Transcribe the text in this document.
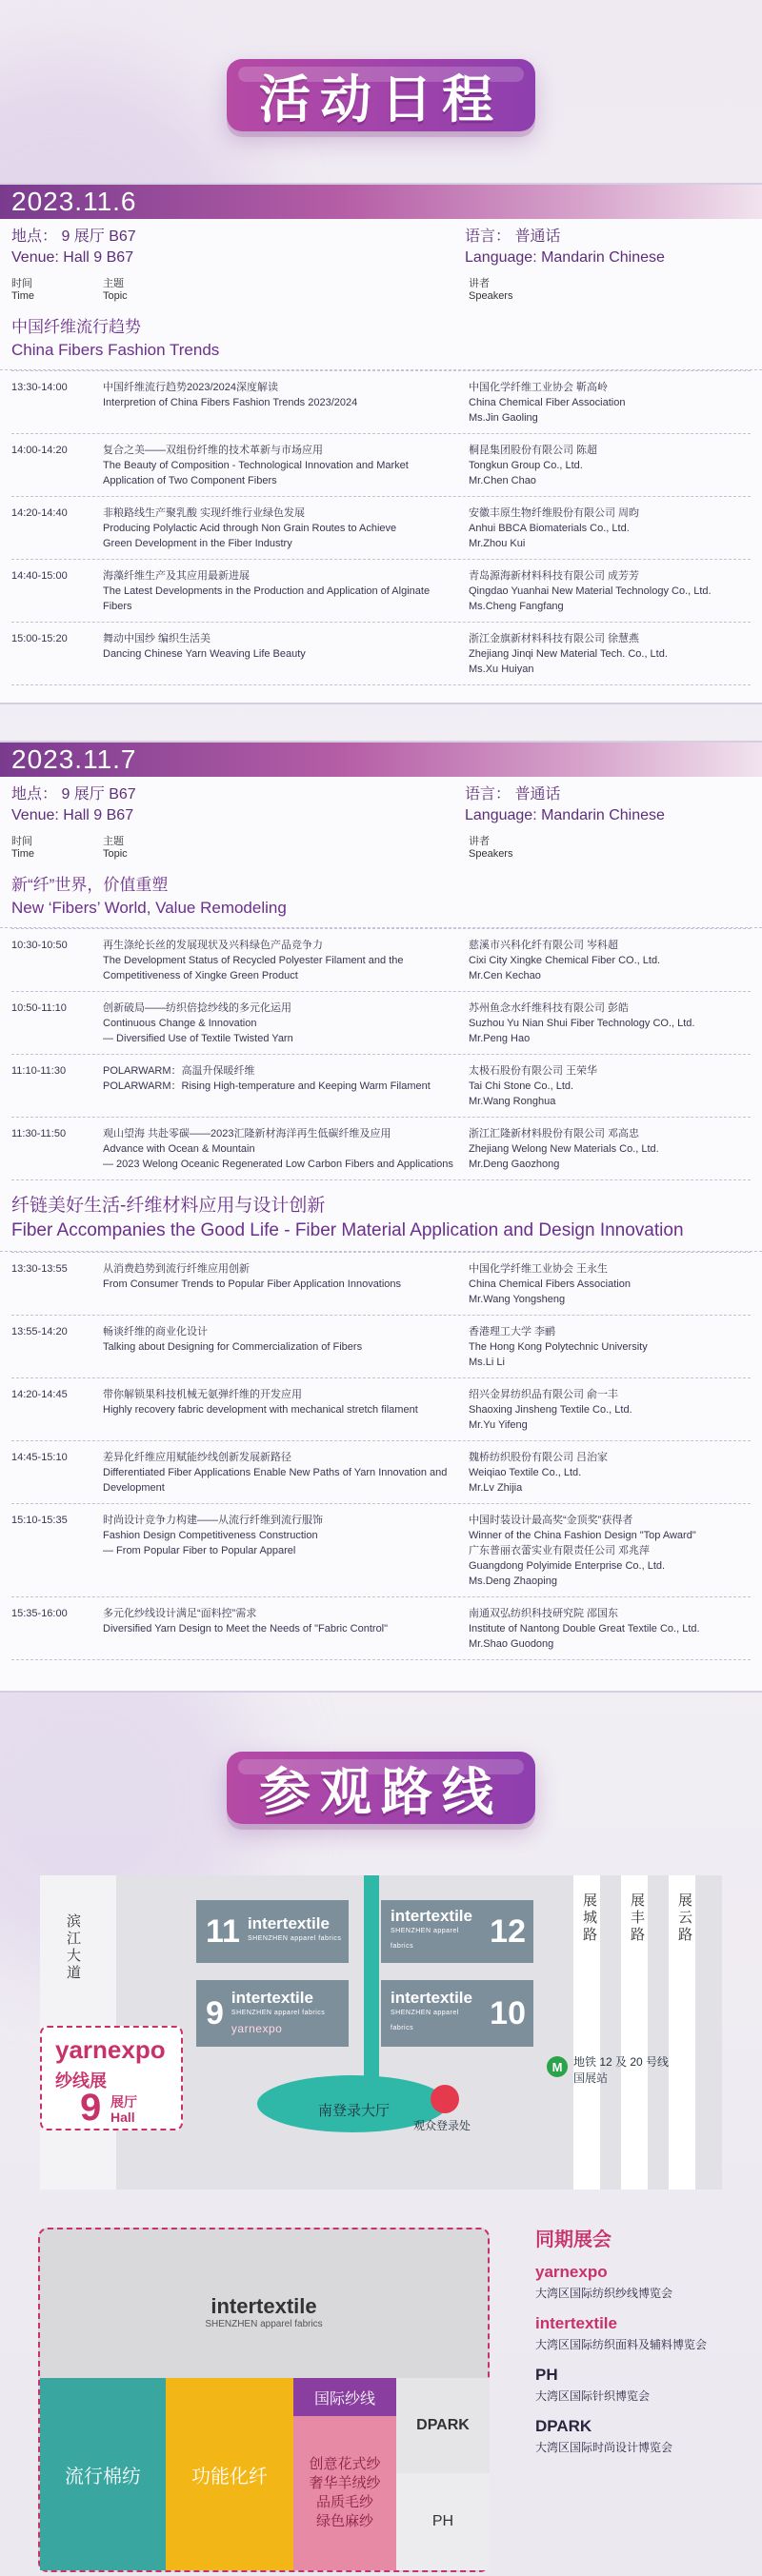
活动日程
2023.11.6
地点： 9 展厅 B67
Venue: Hall 9 B67
语言： 普通话
Language: Mandarin Chinese
时间
Time
主题
Topic
讲者
Speakers
中国纤维流行趋势
China Fibers Fashion Trends
13:30-14:00	中国纤维流行趋势2023/2024深度解读
Interpretion of China Fibers Fashion Trends 2023/2024
中国化学纤维工业协会 靳高岭
China Chemical Fiber Association
Ms.Jin Gaoling
14:00-14:20	复合之美——双组份纤维的技术革新与市场应用
The Beauty of Composition - Technological Innovation and Market
Application of Two Component Fibers
桐昆集团股份有限公司 陈超
Tongkun Group Co., Ltd.
Mr.Chen Chao
14:20-14:40	非粮路线生产聚乳酸 实现纤维行业绿色发展
Producing Polylactic Acid through Non Grain Routes to Achieve
Green Development in the Fiber Industry
安徽丰原生物纤维股份有限公司 周昀
Anhui BBCA Biomaterials Co., Ltd.
Mr.Zhou Kui
14:40-15:00	海藻纤维生产及其应用最新进展
The Latest Developments in the Production and Application of Alginate
Fibers
青岛源海新材料科技有限公司 成芳芳
Qingdao Yuanhai New Material Technology Co., Ltd.
Ms.Cheng Fangfang
15:00-15:20	舞动中国纱 编织生活美
Dancing Chinese Yarn Weaving Life Beauty
浙江金旗新材料科技有限公司 徐慧燕
Zhejiang Jinqi New Material Tech. Co., Ltd.
Ms.Xu Huiyan
2023.11.7
地点： 9 展厅 B67
Venue: Hall 9 B67
语言： 普通话
Language: Mandarin Chinese
时间
Time
主题
Topic
讲者
Speakers
新“纤”世界，价值重塑
New ‘Fibers’ World, Value Remodeling
10:30-10:50	再生涤纶长丝的发展现状及兴科绿色产品竞争力
The Development Status of Recycled Polyester Filament and the
Competitiveness of Xingke Green Product
慈溪市兴科化纤有限公司 岑科超
Cixi City Xingke Chemical Fiber CO., Ltd.
Mr.Cen Kechao
10:50-11:10	创新破局——纺织倍捻纱线的多元化运用
Continuous Change & Innovation
— Diversified Use of Textile Twisted Yarn
苏州鱼念水纤维科技有限公司 彭皓
Suzhou Yu Nian Shui Fiber Technology CO., Ltd.
Mr.Peng Hao
11:10-11:30	POLARWARM：高温升保暖纤维
POLARWARM：Rising High-temperature and Keeping Warm Filament
太极石股份有限公司 王荣华
Tai Chi Stone Co., Ltd.
Mr.Wang Ronghua
11:30-11:50	观山望海 共赴零碳——2023汇隆新材海洋再生低碳纤维及应用
Advance with Ocean & Mountain
— 2023 Welong Oceanic Regenerated Low Carbon Fibers and Applications
浙江汇隆新材料股份有限公司 邓高忠
Zhejiang Welong New Materials Co., Ltd.
Mr.Deng Gaozhong
纤链美好生活-纤维材料应用与设计创新
Fiber Accompanies the Good Life - Fiber Material Application and Design Innovation
13:30-13:55	从消费趋势到流行纤维应用创新
From Consumer Trends to Popular Fiber Application Innovations
中国化学纤维工业协会 王永生
China Chemical Fibers Association
Mr.Wang Yongsheng
13:55-14:20	畅谈纤维的商业化设计
Talking about Designing for Commercialization of Fibers
香港理工大学 李鹂
The Hong Kong Polytechnic University
Ms.Li Li
14:20-14:45	带你解锁果科技机械无氨弹纤维的开发应用
Highly recovery fabric development with mechanical stretch filament
绍兴金昇纺织品有限公司 俞一丰
Shaoxing Jinsheng Textile Co., Ltd.
Mr.Yu Yifeng
14:45-15:10	差异化纤维应用赋能纱线创新发展新路径
Differentiated Fiber Applications Enable New Paths of Yarn Innovation and
Development
魏桥纺织股份有限公司 吕治家
Weiqiao Textile Co., Ltd.
Mr.Lv Zhijia
15:10-15:35	时尚设计竞争力构建——从流行纤维到流行服饰
Fashion Design Competitiveness Construction
— From Popular Fiber to Popular Apparel
中国时装设计最高奖“金顶奖”获得者
Winner of the China Fashion Design "Top Award"
广东普丽衣蕾实业有限责任公司 邓兆萍
Guangdong Polyimide Enterprise Co., Ltd.
Ms.Deng Zhaoping
15:35-16:00	多元化纱线设计满足“面料控”需求
Diversified Yarn Design to Meet the Needs of "Fabric Control"
南通双弘纺织科技研究院 邵国东
Institute of Nantong Double Great Textile Co., Ltd.
Mr.Shao Guodong
参观路线
滨江大道	展城路 展丰路 展云路
11 intertextile
SHENZHEN apparel fabrics
intertextile
SHENZHEN apparel fabrics	12
9 intertextile
SHENZHEN apparel fabrics
yarnexpo
intertextile
SHENZHEN apparel fabrics	10
南登录大厅
观众登录处
M 地铁 12 及 20 号线
国展站
yarnexpo
纱线展
9 展厅
Hall
intertextile
SHENZHEN apparel fabrics
流行棉纺	功能化纤
国际纱线
创意花式纱
奢华羊绒纱
品质毛纱
绿色麻纱
DPARK
PH
同期展会
yarnexpo
大湾区国际纺织纱线博览会
intertextile
大湾区国际纺织面料及辅料博览会
PH
大湾区国际针织博览会
DPARK
大湾区国际时尚设计博览会
